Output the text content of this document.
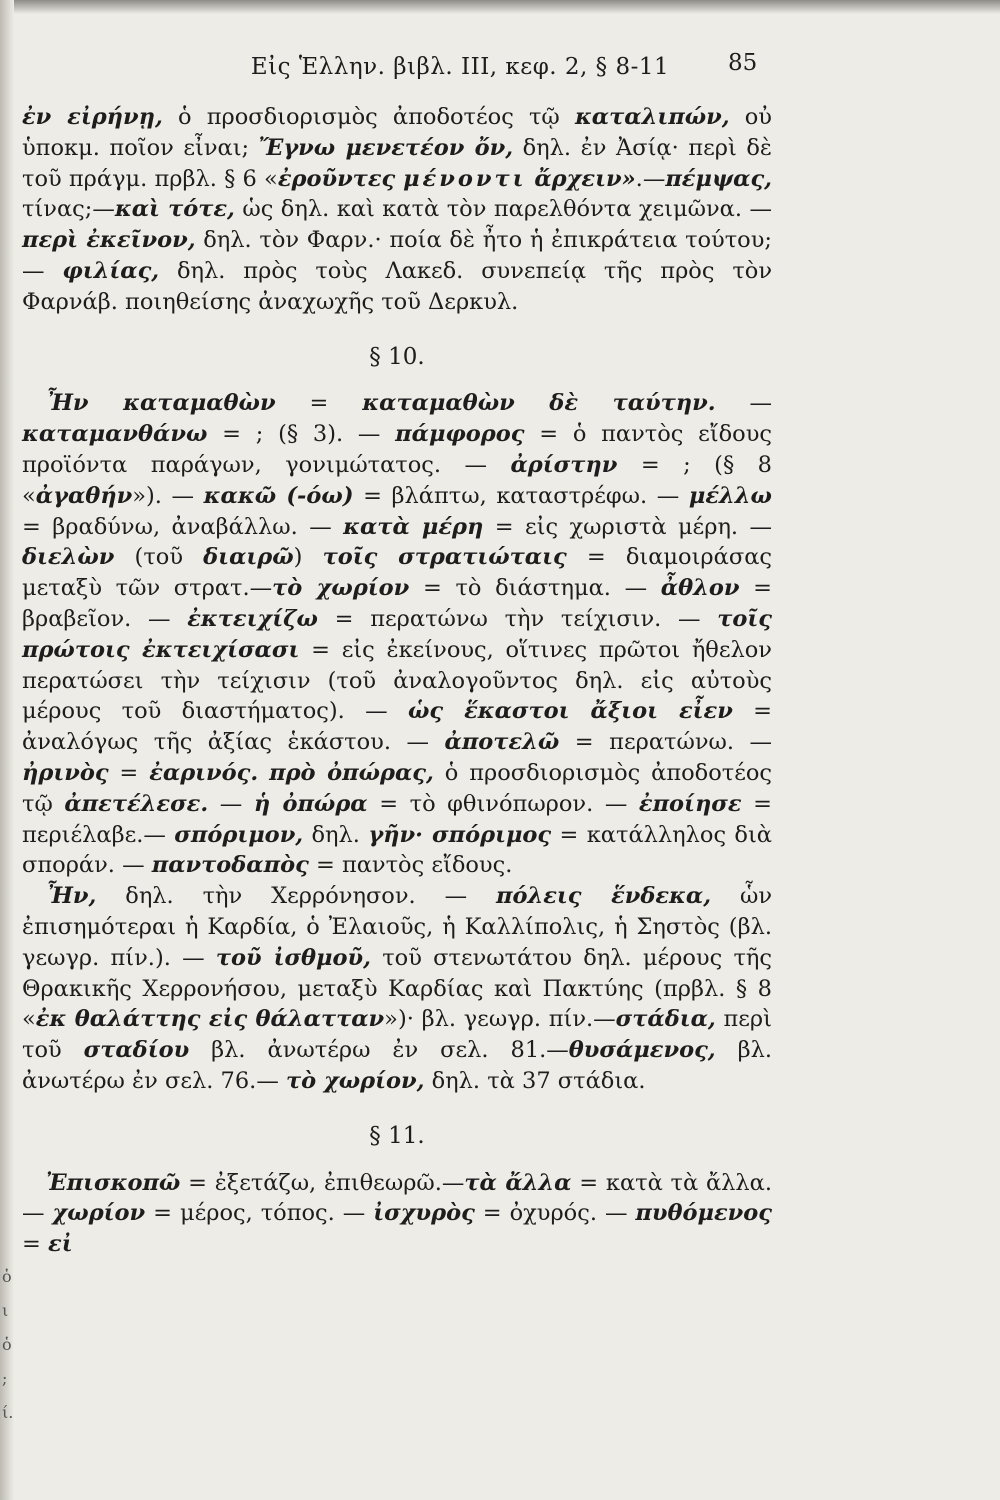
Εἰς Ἑλλην. βιβλ. III, κεφ. 2, § 8-11	85

ἐν εἰρήνῃ, ὁ προσδιορισμὸς ἀποδοτέος τῷ καταλιπών, οὐ ὑποκμ. ποῖον εἶναι; Ἔγνω μενετέον ὄν, δηλ. ἐν Ἀσίᾳ· περὶ δὲ τοῦ πράγμ. πρβλ. § 6 «ἐροῦντες μένοντι ἄρχειν».—πέμψας, τίνας;—καὶ τότε, ὡς δηλ. καὶ κατὰ τὸν παρελθόντα χειμῶνα. — περὶ ἐκεῖνον, δηλ. τὸν Φαρν.· ποία δὲ ἦτο ἡ ἐπικράτεια τούτου; — φιλίας, δηλ. πρὸς τοὺς Λακεδ. συνεπείᾳ τῆς πρὸς τὸν Φαρνάβ. ποιηθείσης ἀναχωχῆς τοῦ Δερκυλ.

§ 10.

Ἦν καταμαθὼν = καταμαθὼν δὲ ταύτην. — καταμανθάνω = ; (§ 3). — πάμφορος = ὁ παντὸς εἴδους προϊόντα παράγων, γονιμώτατος. — ἀρίστην = ; (§ 8 «ἀγαθήν»). — κακῶ (-όω) = βλάπτω, καταστρέφω. — μέλλω = βραδύνω, ἀναβάλλω. — κατὰ μέρη = εἰς χωριστὰ μέρη. — διελὼν (τοῦ διαιρῶ) τοῖς στρατιώταις = διαμοιράσας μεταξὺ τῶν στρατ.—τὸ χωρίον = τὸ διάστημα. — ἆθλον = βραβεῖον. — ἐκτειχίζω = περατώνω τὴν τείχισιν. — τοῖς πρώτοις ἐκτειχίσασι = εἰς ἐκείνους, οἵτινες πρῶτοι ἤθελον περατώσει τὴν τείχισιν (τοῦ ἀναλογοῦντος δηλ. εἰς αὐτοὺς μέρους τοῦ διαστήματος). — ὡς ἕκαστοι ἄξιοι εἶεν = ἀναλόγως τῆς ἀξίας ἑκάστου. — ἀποτελῶ = περατώνω. — ἠρινὸς = ἐαρινός. πρὸ ὀπώρας, ὁ προσδιορισμὸς ἀποδοτέος τῷ ἀπετέλεσε. — ἡ ὀπώρα = τὸ φθινόπωρον. — ἐποίησε = περιέλαβε.— σπόριμον, δηλ. γῆν· σπόριμος = κατάλληλος διὰ σποράν. — παντοδαπὸς = παντὸς εἴδους.

Ἦν, δηλ. τὴν Χερρόνησον. — πόλεις ἕνδεκα, ὧν ἐπισημότεραι ἡ Καρδία, ὁ Ἐλαιοῦς, ἡ Καλλίπολις, ἡ Σηστὸς (βλ. γεωγρ. πίν.). — τοῦ ἰσθμοῦ, τοῦ στενωτάτου δηλ. μέρους τῆς Θρακικῆς Χερρονήσου, μεταξὺ Καρδίας καὶ Πακτύης (πρβλ. § 8 «ἐκ θαλάττης εἰς θάλατταν»)· βλ. γεωγρ. πίν.—στάδια, περὶ τοῦ σταδίου βλ. ἀνωτέρω ἐν σελ. 81.—θυσάμενος, βλ. ἀνωτέρω ἐν σελ. 76.— τὸ χωρίον, δηλ. τὰ 37 στάδια.

§ 11.

Ἐπισκοπῶ = ἐξετάζω, ἐπιθεωρῶ.—τὰ ἄλλα = κατὰ τὰ ἄλλα.— χωρίον = μέρος, τόπος. — ἰσχυρὸς = ὀχυρός. — πυθόμενος = εἰ

ὁ
ι
ὁ
;
ί.
